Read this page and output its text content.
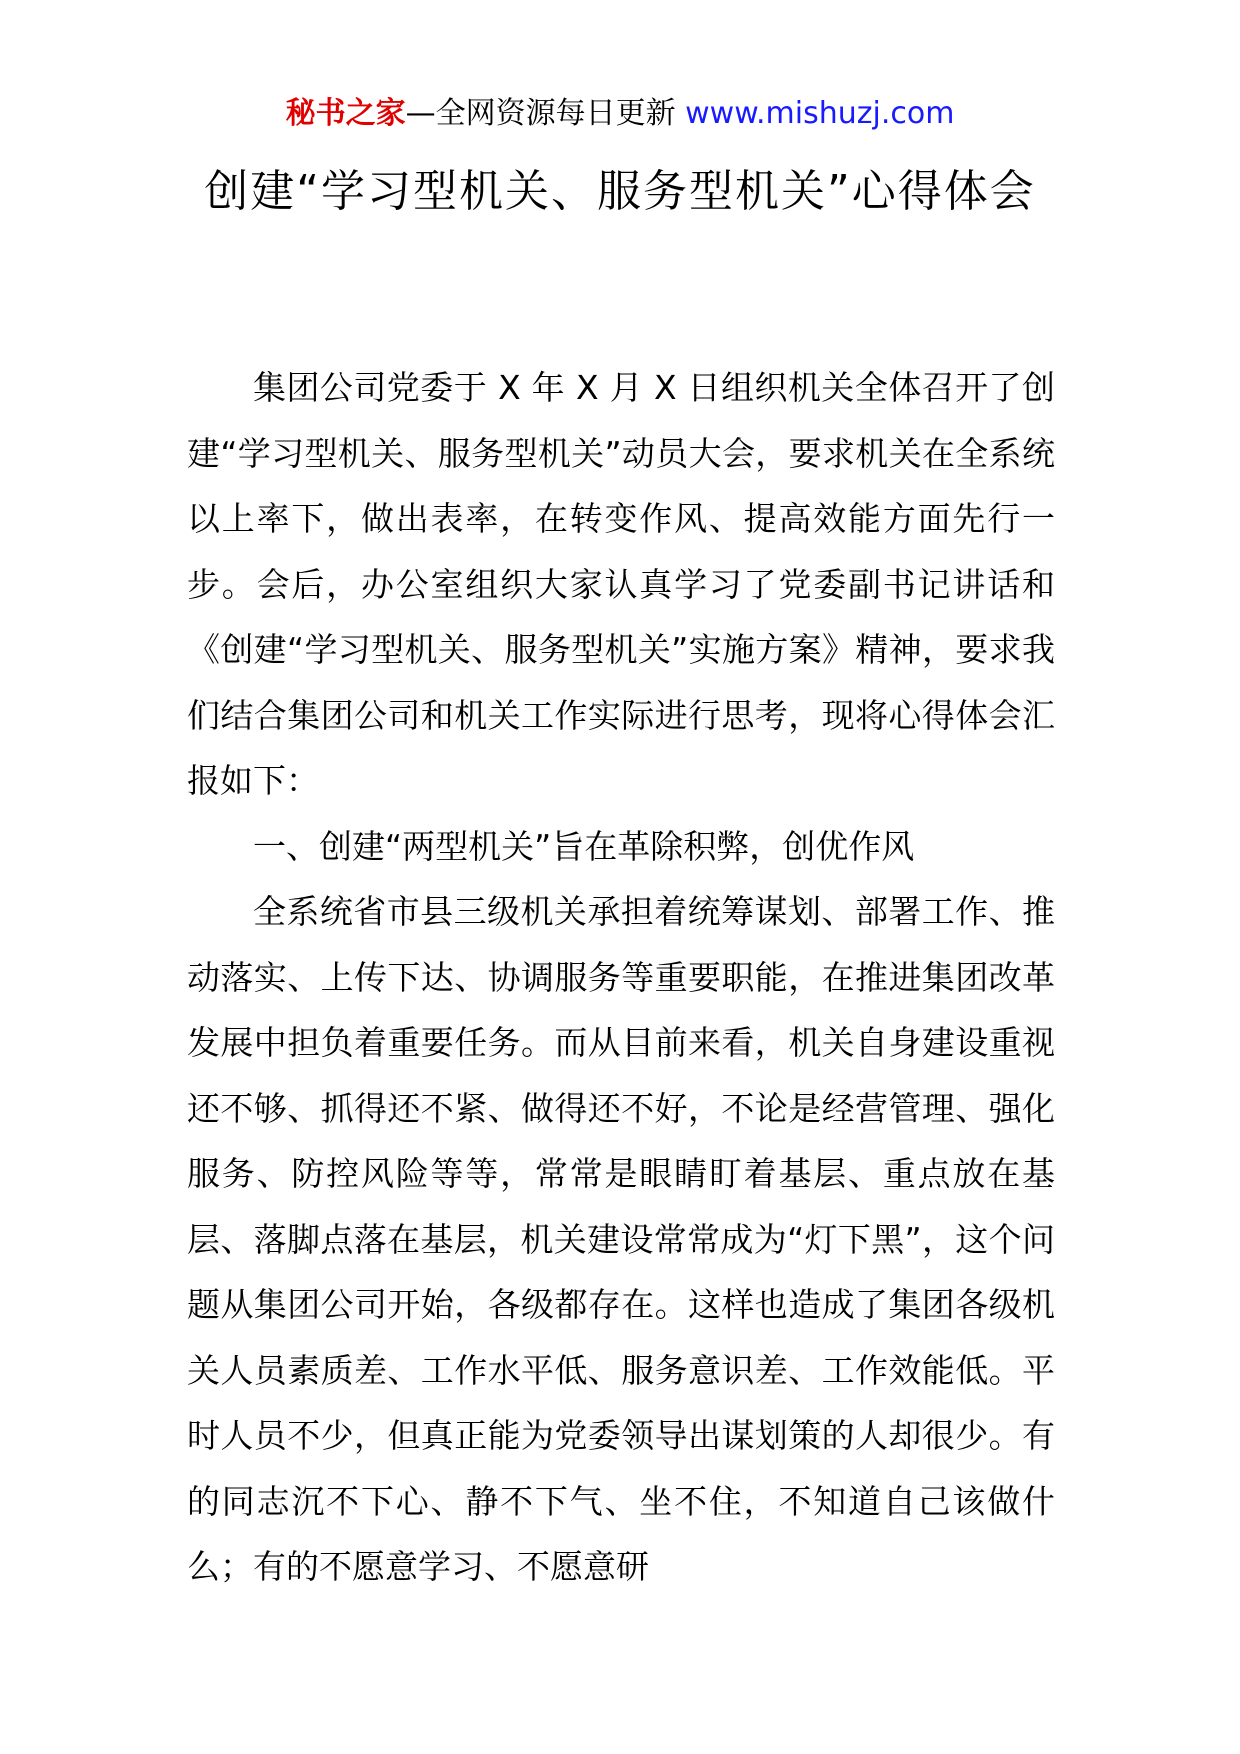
秘书之家—全网资源每日更新 www.mishuzj.com
创建“学习型机关、服务型机关”心得体会

集团公司党委于 X 年 X 月 X 日组织机关全体召开了创建“学习型机关、服务型机关”动员大会，要求机关在全系统以上率下，做出表率，在转变作风、提高效能方面先行一步。会后，办公室组织大家认真学习了党委副书记讲话和《创建“学习型机关、服务型机关”实施方案》精神，要求我们结合集团公司和机关工作实际进行思考，现将心得体会汇报如下：

一、创建“两型机关”旨在革除积弊，创优作风

全系统省市县三级机关承担着统筹谋划、部署工作、推动落实、上传下达、协调服务等重要职能，在推进集团改革发展中担负着重要任务。而从目前来看，机关自身建设重视还不够、抓得还不紧、做得还不好，不论是经营管理、强化服务、防控风险等等，常常是眼睛盯着基层、重点放在基层、落脚点落在基层，机关建设常常成为“灯下黑”，这个问题从集团公司开始，各级都存在。这样也造成了集团各级机关人员素质差、工作水平低、服务意识差、工作效能低。平时人员不少，但真正能为党委领导出谋划策的人却很少。有的同志沉不下心、静不下气、坐不住，不知道自己该做什么；有的不愿意学习、不愿意研
